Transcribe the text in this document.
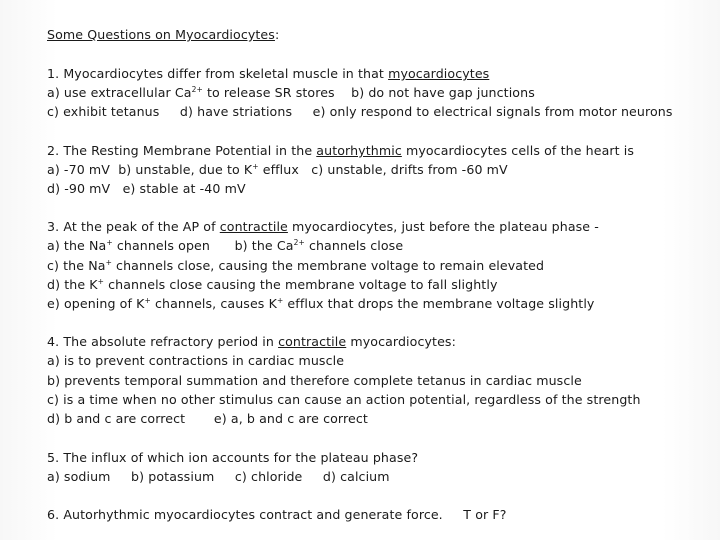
Some Questions on Myocardiocytes:
1. Myocardiocytes differ from skeletal muscle in that myocardiocytes
a) use extracellular $Ca^{2+}$ to release SR stores    b) do not have gap junctions
c) exhibit tetanus     d) have striations     e) only respond to electrical signals from motor neurons
2. The Resting Membrane Potential in the autorhythmic myocardiocytes cells of the heart is
a) -70 mV  b) unstable, due to K+ efflux   c) unstable, drifts from -60 mV
d) -90 mV   e) stable at -40 mV
3. At the peak of the AP of contractile myocardiocytes, just before the plateau phase -
a) the Na+ channels open      b) the $Ca^{2+}$ channels close
c) the Na+ channels close, causing the membrane voltage to remain elevated
d) the K+ channels close causing the membrane voltage to fall slightly
e) opening of K+ channels, causes K+ efflux that drops the membrane voltage slightly
4. The absolute refractory period in contractile myocardiocytes:
a) is to prevent contractions in cardiac muscle
b) prevents temporal summation and therefore complete tetanus in cardiac muscle
c) is a time when no other stimulus can cause an action potential, regardless of the strength
d) b and c are correct       e) a, b and c are correct
5. The influx of which ion accounts for the plateau phase?
a) sodium     b) potassium     c) chloride     d) calcium
6. Autorhythmic myocardiocytes contract and generate force.     T or F?
